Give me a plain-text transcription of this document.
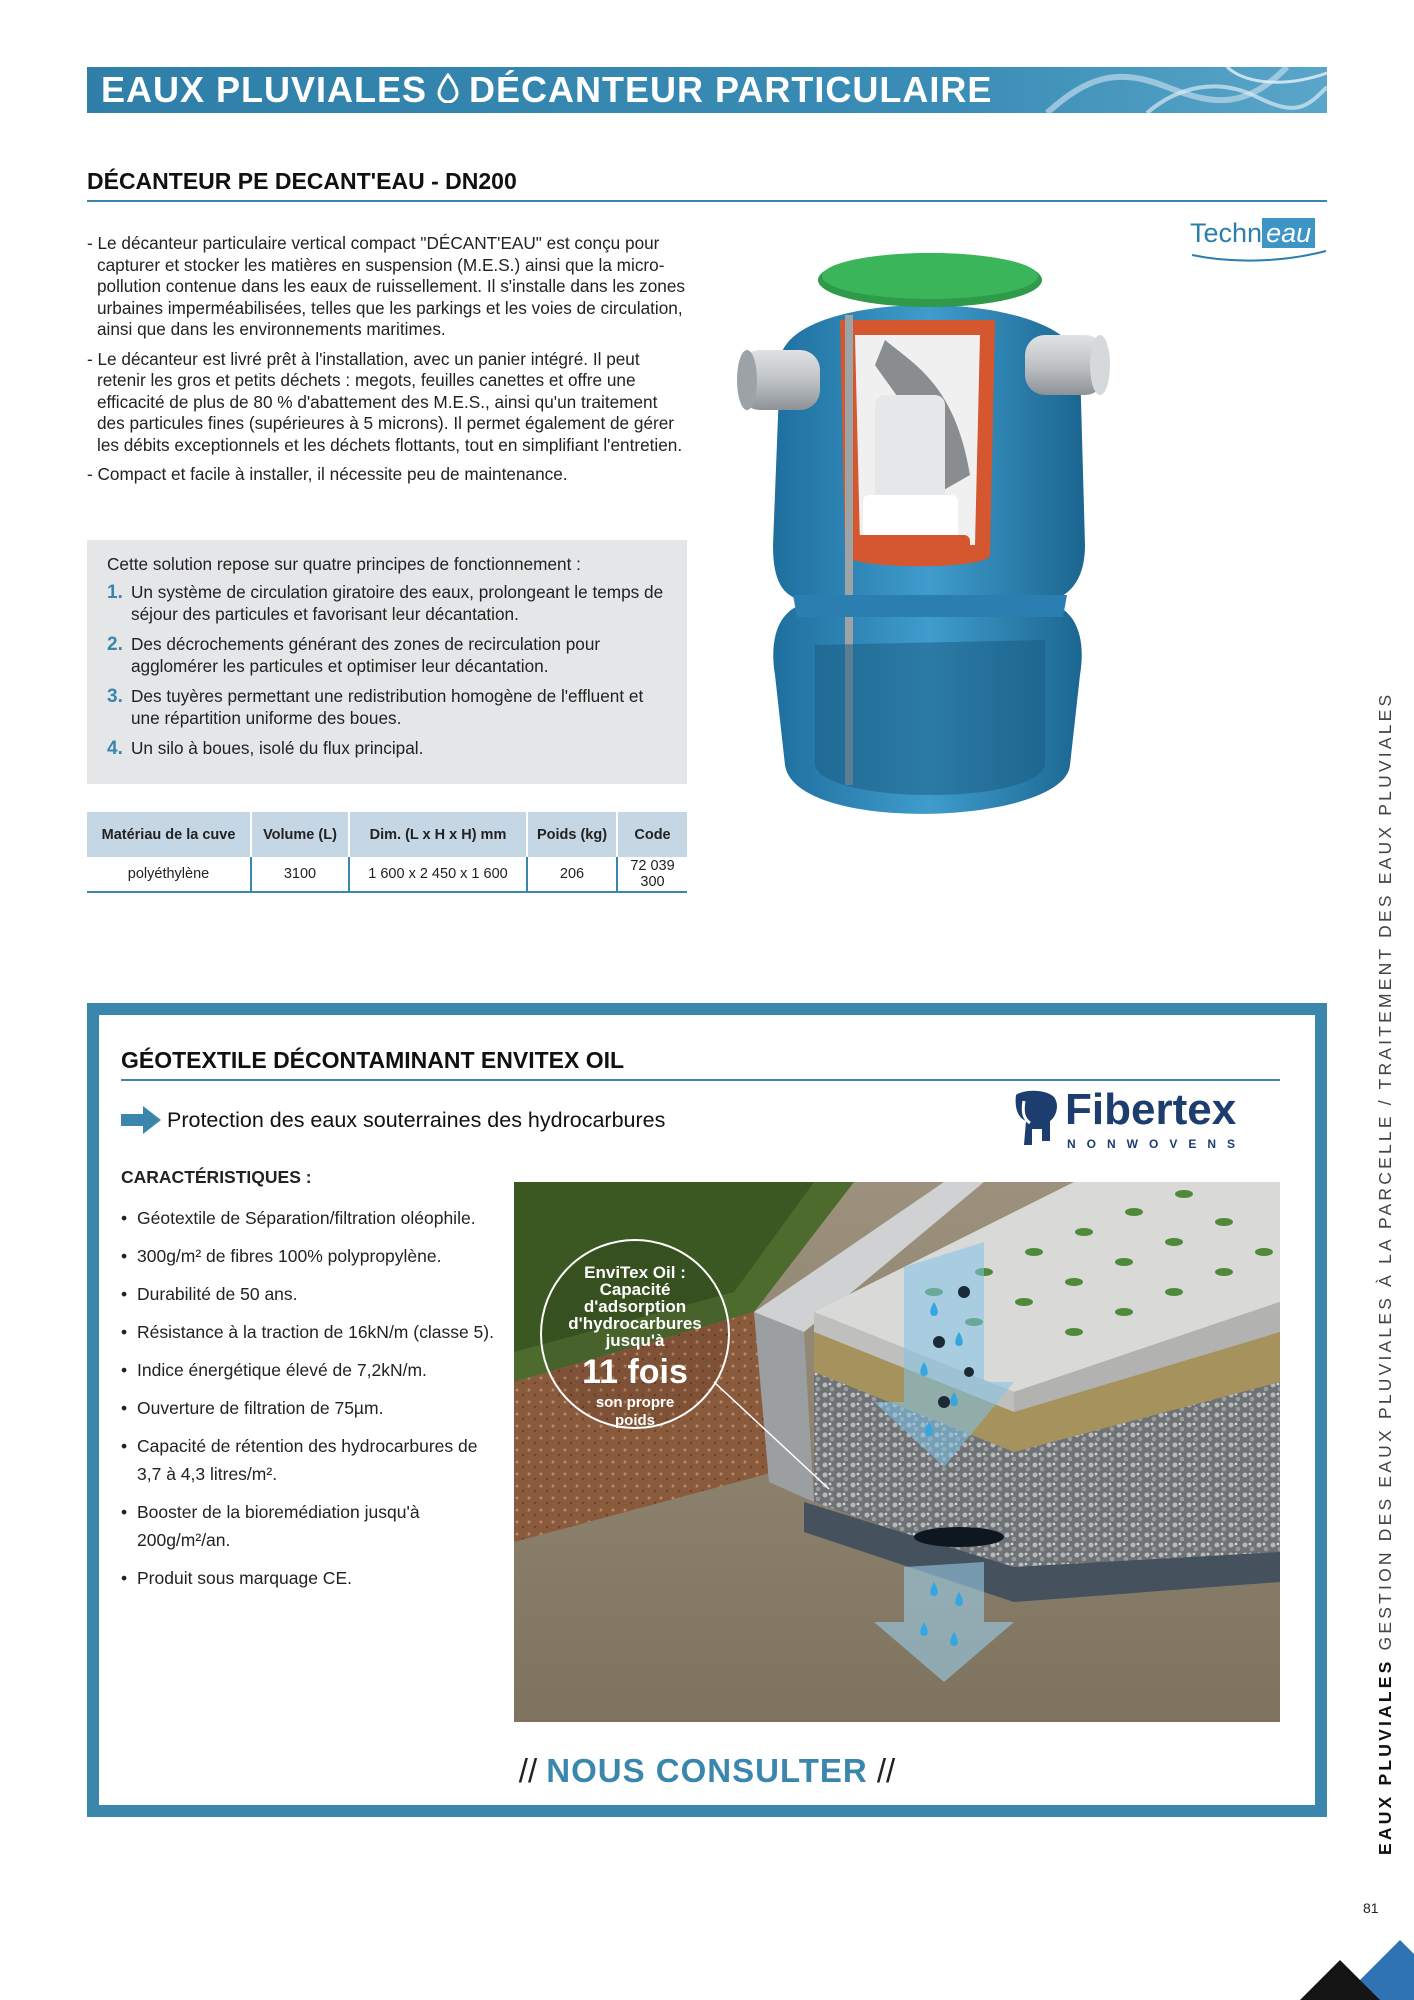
EAUX PLUVIALES DÉCANTEUR PARTICULAIRE
DÉCANTEUR PE DECANT'EAU - DN200
Techn eau

- Le décanteur particulaire vertical compact "DÉCANT'EAU" est conçu pour capturer et stocker les matières en suspension (M.E.S.) ainsi que la micro-pollution contenue dans les eaux de ruissellement. Il s'installe dans les zones urbaines imperméabilisées, telles que les parkings et les voies de circulation, ainsi que dans les environnements maritimes.

- Le décanteur est livré prêt à l'installation, avec un panier intégré. Il peut retenir les gros et petits déchets : megots, feuilles canettes et offre une efficacité de plus de 80 % d'abattement des M.E.S., ainsi qu'un traitement des particules fines (supérieures à 5 microns). Il permet également de gérer les débits exceptionnels et les déchets flottants, tout en simplifiant l'entretien.

- Compact et facile à installer, il nécessite peu de maintenance.

Cette solution repose sur quatre principes de fonctionnement :
1. Un système de circulation giratoire des eaux, prolongeant le temps de séjour des particules et favorisant leur décantation.
2. Des décrochements générant des zones de recirculation pour agglomérer les particules et optimiser leur décantation.
3. Des tuyères permettant une redistribution homogène de l'effluent et une répartition uniforme des boues.
4. Un silo à boues, isolé du flux principal.
Matériau de la cuve	Volume (L)	Dim. (L x H x H) mm	Poids (kg)	Code
polyéthylène	3100	1 600 x 2 450 x 1 600	206	72 039 300
GÉOTEXTILE DÉCONTAMINANT ENVITEX OIL
Protection des eaux souterraines des hydrocarbures	Fibertex
NONWOVENS
CARACTÉRISTIQUES :
• Géotextile de Séparation/filtration oléophile.
• 300g/m² de fibres 100% polypropylène.
• Durabilité de 50 ans.
• Résistance à la traction de 16kN/m (classe 5).
• Indice énergétique élevé de 7,2kN/m.
• Ouverture de filtration de 75µm.
• Capacité de rétention des hydrocarbures de 3,7 à 4,3 litres/m².
• Booster de la bioremédiation jusqu'à 200g/m²/an.
• Produit sous marquage CE.
EnviTex Oil :
Capacité
d'adsorption
d'hydrocarbures
jusqu'à
11 fois
son propre
poids
// NOUS CONSULTER //	EAUX PLUVIALES GESTION DES EAUX PLUVIALES À LA PARCELLE / TRAITEMENT DES EAUX PLUVIALES
81
